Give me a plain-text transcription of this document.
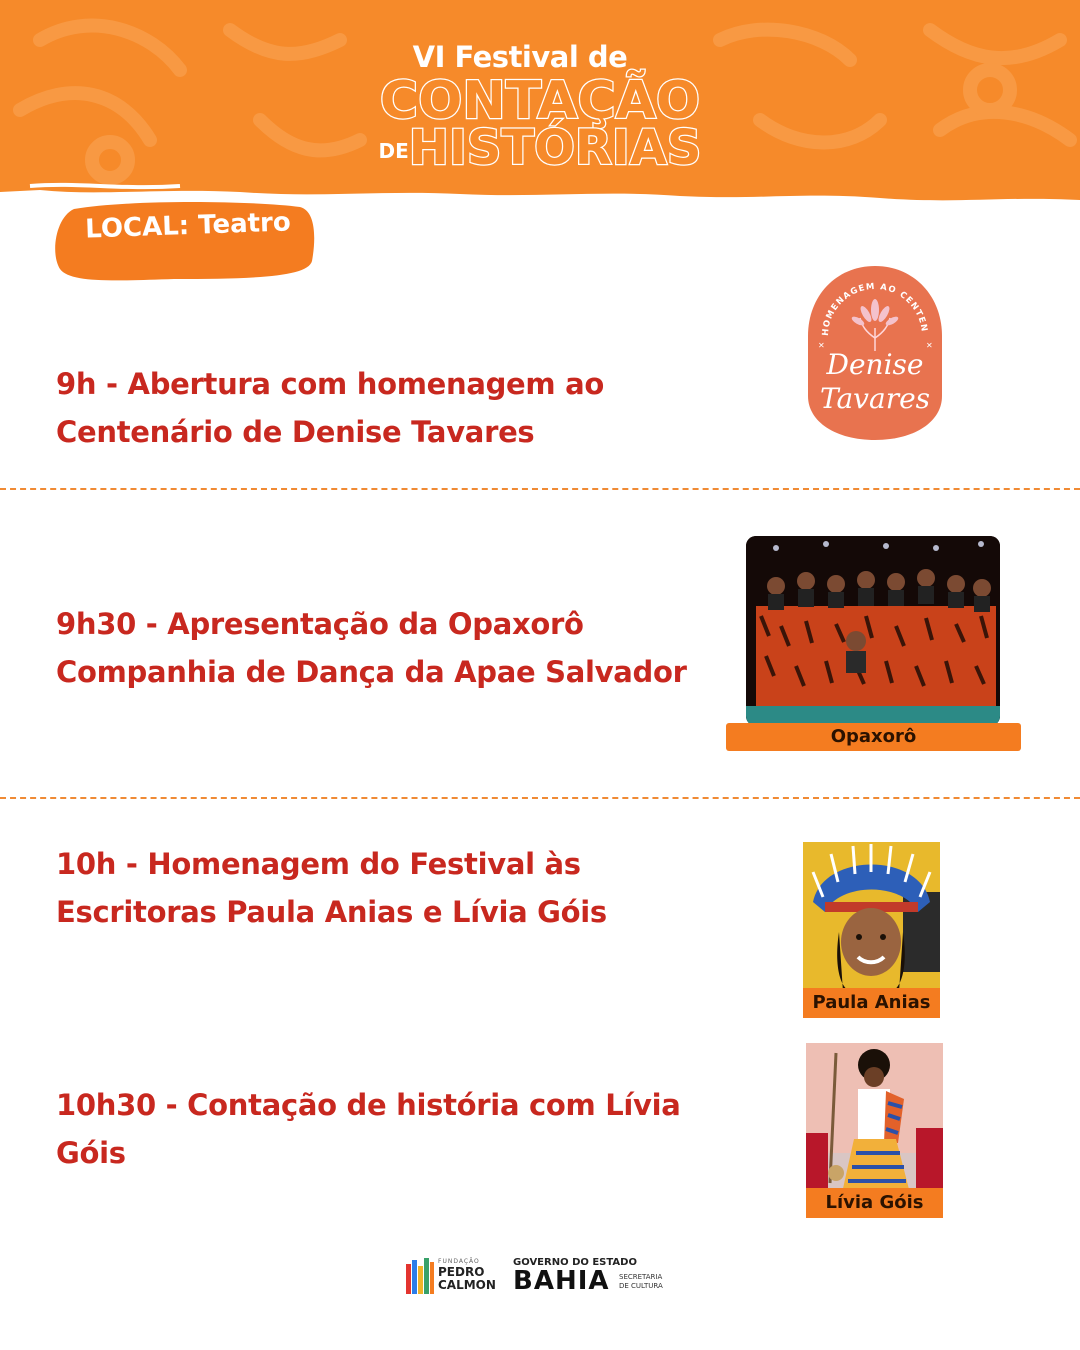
VI Festival de
CONTAÇÃO
DEHISTÓRIAS
LOCAL: Teatro
9h - Abertura com homenagem ao
Centenário de Denise Tavares
HOMENAGEM AO CENTEN
✕	✕
Denise
Tavares
9h30 - Apresentação da Opaxorô
Companhia de Dança da Apae Salvador
Opaxorô
10h - Homenagem do Festival às
Escritoras Paula Anias e Lívia Góis
Paula Anias
10h30 - Contação de história com Lívia
Góis
Lívia Góis
FUNDAÇÃO
PEDRO
CALMON
GOVERNO DO ESTADO
BAHIA SECRETARIA
DE CULTURA
